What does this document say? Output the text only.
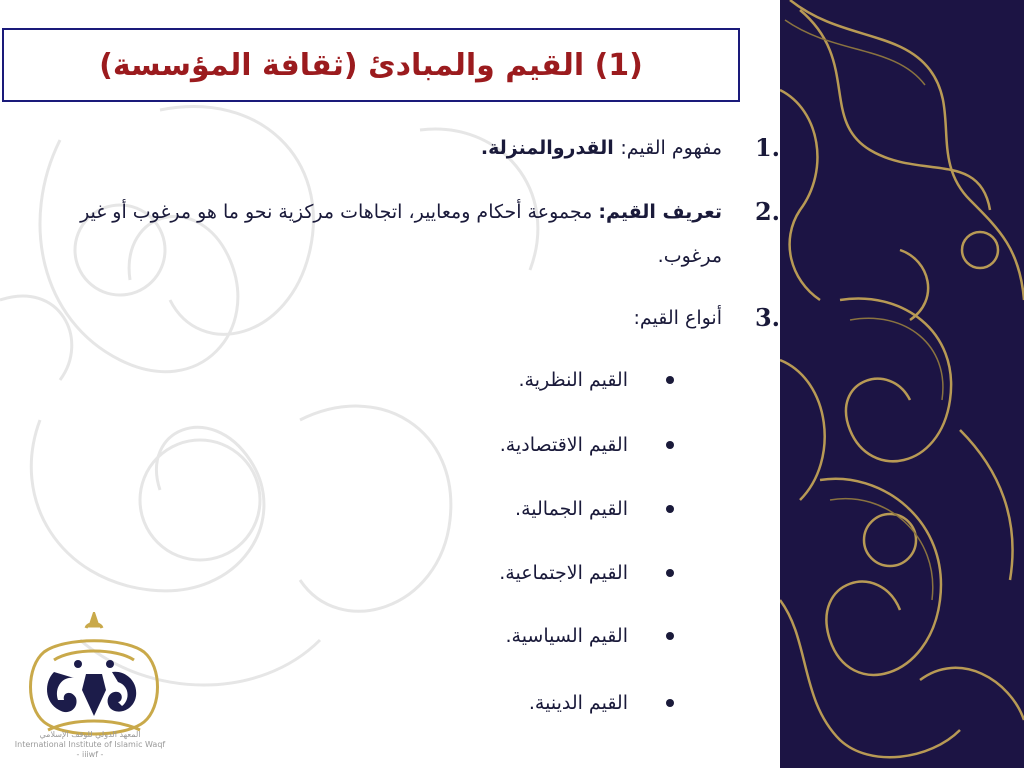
(1) القيم والمبادئ (ثقافة المؤسسة)
1.
مفهوم القيم: القدروالمنزلة.
2.
تعريف القيم: مجموعة أحكام ومعايير، اتجاهات مركزية نحو ما هو مرغوب أو غير مرغوب.
3.
أنواع القيم:
القيم النظرية.
القيم الاقتصادية.
القيم الجمالية.
القيم الاجتماعية.
القيم السياسية.
القيم الدينية.
المعهد الدولي للوقف الإسلامي
International Institute of Islamic Waqf
- iiiwf -
